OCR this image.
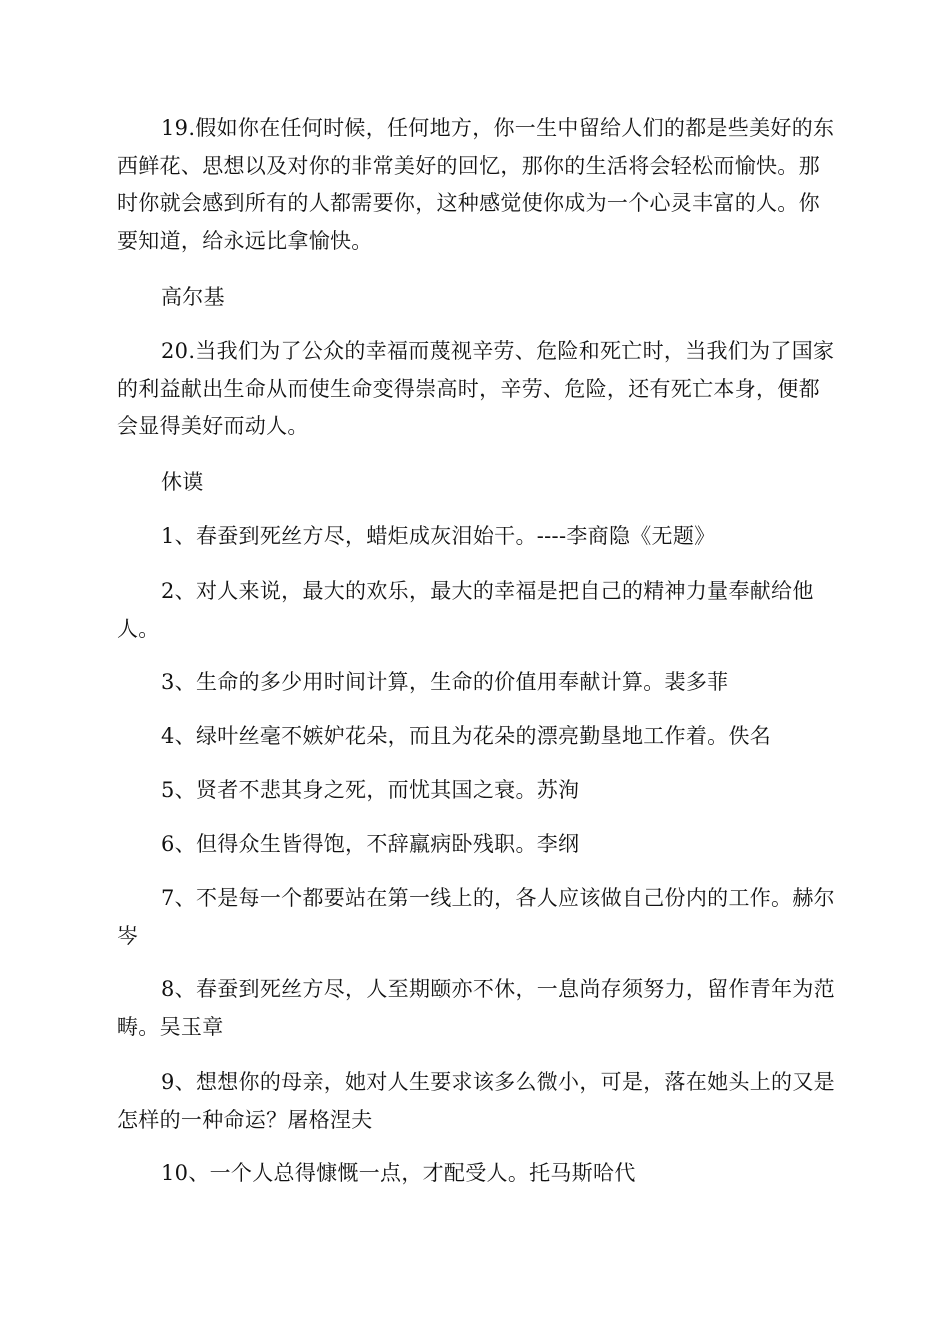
19.假如你在任何时候，任何地方，你一生中留给人们的都是些美好的东西鲜花、思想以及对你的非常美好的回忆，那你的生活将会轻松而愉快。那时你就会感到所有的人都需要你，这种感觉使你成为一个心灵丰富的人。你要知道，给永远比拿愉快。

高尔基

20.当我们为了公众的幸福而蔑视辛劳、危险和死亡时，当我们为了国家的利益献出生命从而使生命变得崇高时，辛劳、危险，还有死亡本身，便都会显得美好而动人。

休谟

1、春蚕到死丝方尽，蜡炬成灰泪始干。----李商隐《无题》

2、对人来说，最大的欢乐，最大的幸福是把自己的精神力量奉献给他人。

3、生命的多少用时间计算，生命的价值用奉献计算。裴多菲

4、绿叶丝毫不嫉妒花朵，而且为花朵的漂亮勤垦地工作着。佚名

5、贤者不悲其身之死，而忧其国之衰。苏洵

6、但得众生皆得饱，不辞羸病卧残职。李纲

7、不是每一个都要站在第一线上的，各人应该做自己份内的工作。赫尔岑

8、春蚕到死丝方尽，人至期颐亦不休，一息尚存须努力，留作青年为范畴。吴玉章

9、想想你的母亲，她对人生要求该多么微小，可是，落在她头上的又是怎样的一种命运？屠格涅夫

10、一个人总得慷慨一点，才配受人。托马斯哈代
